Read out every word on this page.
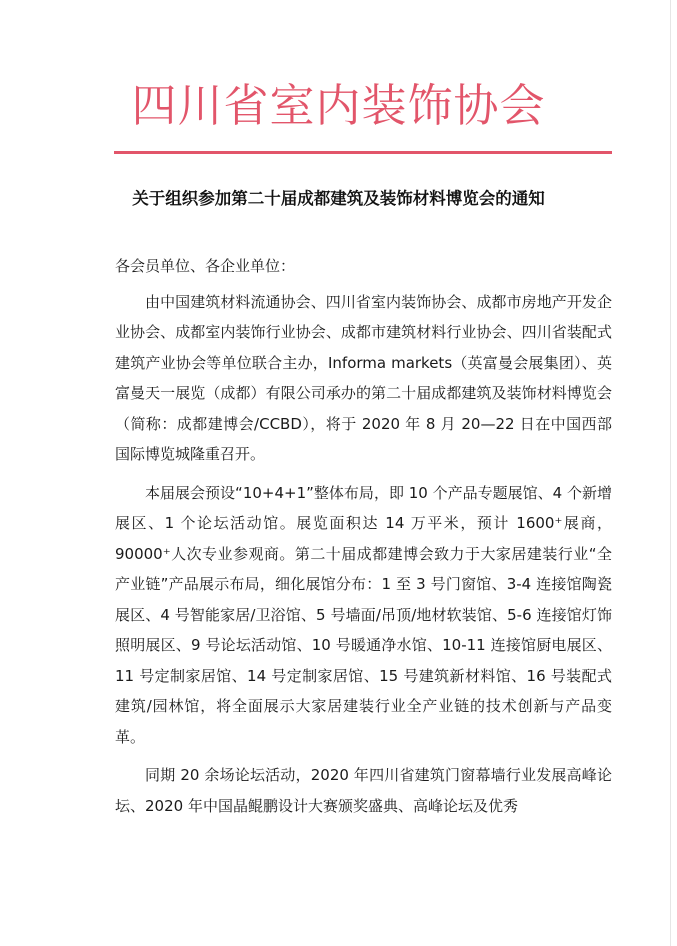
四川省室内装饰协会
关于组织参加第二十届成都建筑及装饰材料博览会的通知

各会员单位、各企业单位：

由中国建筑材料流通协会、四川省室内装饰协会、成都市房地产开发企业协会、成都室内装饰行业协会、成都市建筑材料行业协会、四川省装配式建筑产业协会等单位联合主办，Informa markets（英富曼会展集团）、英富曼天一展览（成都）有限公司承办的第二十届成都建筑及装饰材料博览会（简称：成都建博会/CCBD），将于 2020 年 8 月 20—22 日在中国西部国际博览城隆重召开。

本届展会预设“10+4+1”整体布局，即 10 个产品专题展馆、4 个新增展区、1 个论坛活动馆。展览面积达 14 万平米，预计 1600⁺展商，90000⁺人次专业参观商。第二十届成都建博会致力于大家居建装行业“全产业链”产品展示布局，细化展馆分布：1 至 3 号门窗馆、3-4 连接馆陶瓷展区、4 号智能家居/卫浴馆、5 号墙面/吊顶/地材软装馆、5-6 连接馆灯饰照明展区、9 号论坛活动馆、10 号暖通净水馆、10-11 连接馆厨电展区、11 号定制家居馆、14 号定制家居馆、15 号建筑新材料馆、16 号装配式建筑/园林馆，将全面展示大家居建装行业全产业链的技术创新与产品变革。

同期 20 余场论坛活动，2020 年四川省建筑门窗幕墙行业发展高峰论坛、2020 年中国晶鲲鹏设计大赛颁奖盛典、高峰论坛及优秀
